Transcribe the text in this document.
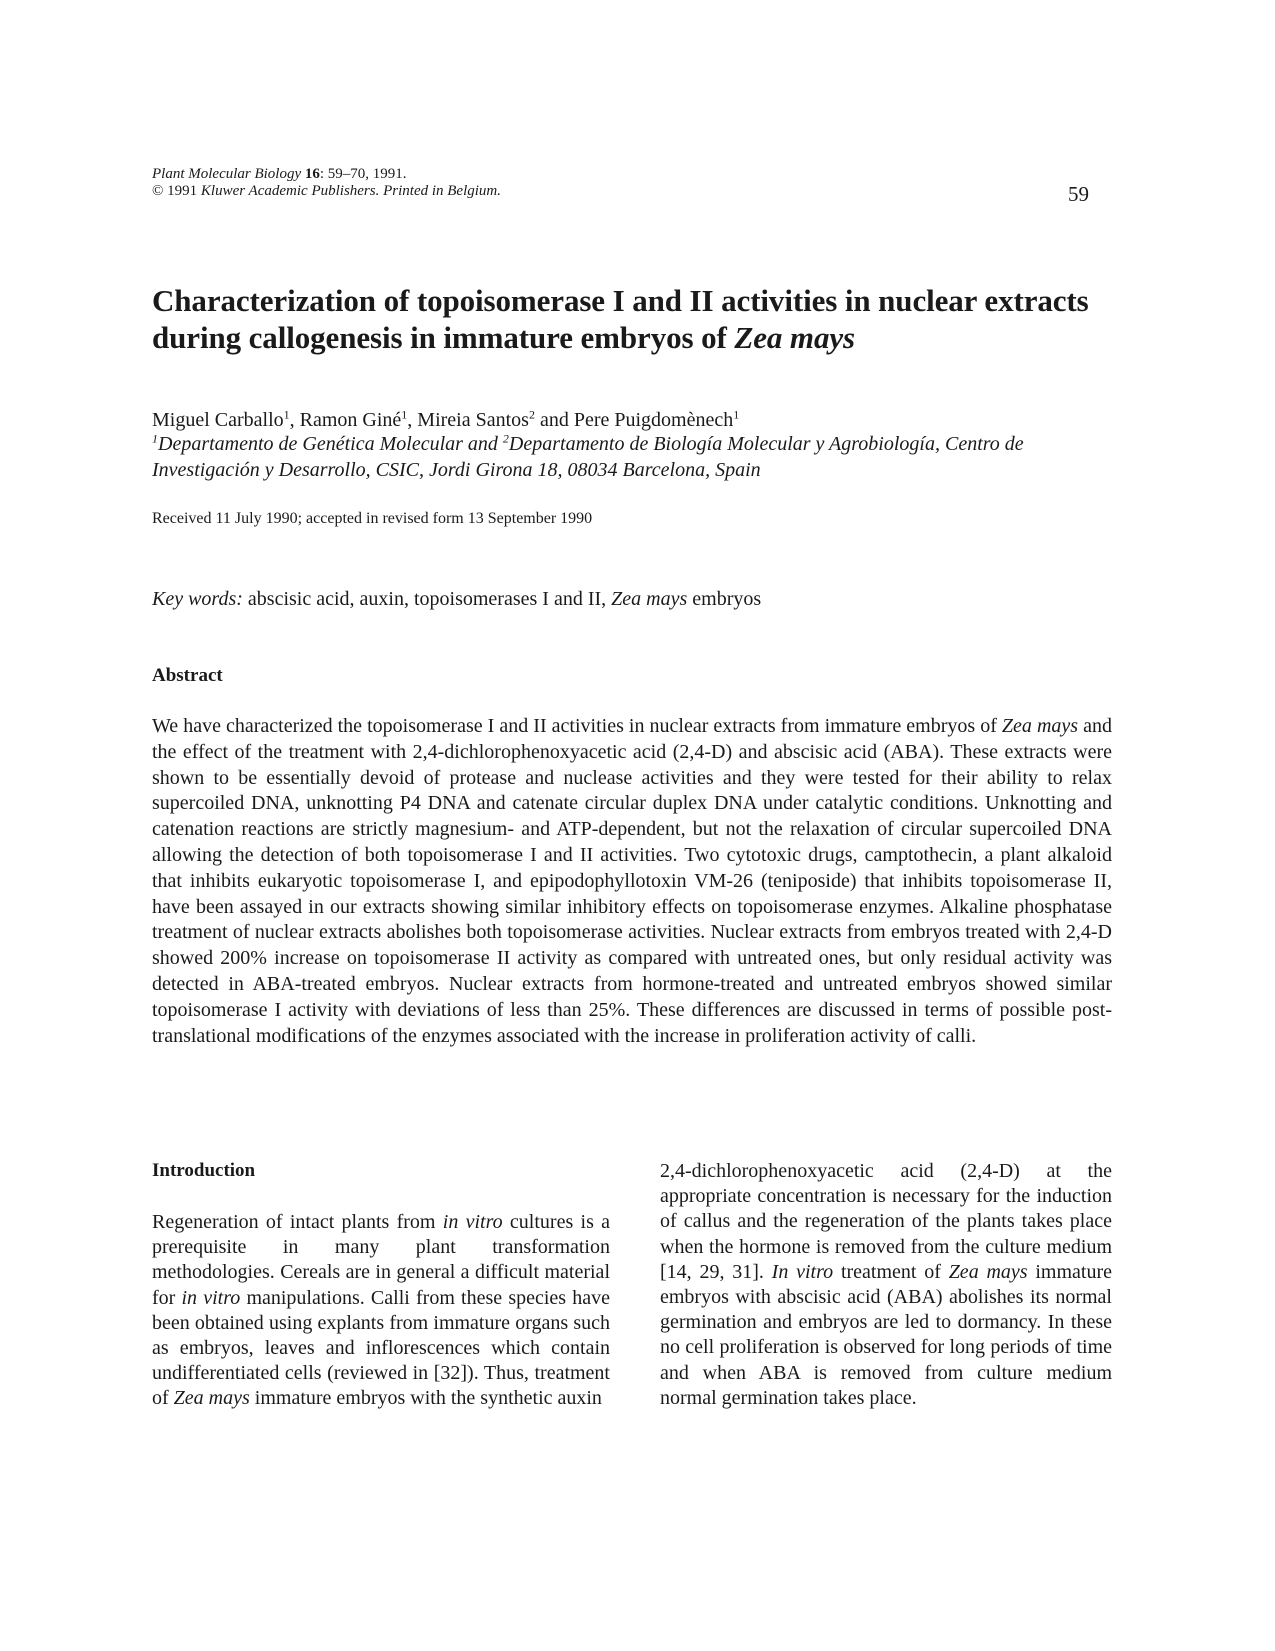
Plant Molecular Biology 16: 59–70, 1991.
© 1991 Kluwer Academic Publishers. Printed in Belgium.	59
Characterization of topoisomerase I and II activities in nuclear extracts during callogenesis in immature embryos of Zea mays
Miguel Carballo$^1$, Ramon Giné$^1$, Mireia Santos$^2$ and Pere Puigdomènech$^1$
$^1$Departamento de Genética Molecular and $^2$Departamento de Biología Molecular y Agrobiología, Centro de Investigación y Desarrollo, CSIC, Jordi Girona 18, 08034 Barcelona, Spain
Received 11 July 1990; accepted in revised form 13 September 1990
Key words: abscisic acid, auxin, topoisomerases I and II, Zea mays embryos
Abstract
We have characterized the topoisomerase I and II activities in nuclear extracts from immature embryos of Zea mays and the effect of the treatment with 2,4-dichlorophenoxyacetic acid (2,4-D) and abscisic acid (ABA). These extracts were shown to be essentially devoid of protease and nuclease activities and they were tested for their ability to relax supercoiled DNA, unknotting P4 DNA and catenate circular duplex DNA under catalytic conditions. Unknotting and catenation reactions are strictly magnesium- and ATP-dependent, but not the relaxation of circular supercoiled DNA allowing the detection of both topoisomerase I and II activities. Two cytotoxic drugs, camptothecin, a plant alkaloid that inhibits eukaryotic topoisomerase I, and epipodophyllotoxin VM-26 (teniposide) that inhibits topoisomerase II, have been assayed in our extracts showing similar inhibitory effects on topoisomerase enzymes. Alkaline phosphatase treatment of nuclear extracts abolishes both topoisomerase activities. Nuclear extracts from embryos treated with 2,4-D showed 200% increase on topoisomerase II activity as compared with untreated ones, but only residual activity was detected in ABA-treated embryos. Nuclear extracts from hormone-treated and untreated embryos showed similar topoisomerase I activity with deviations of less than 25%. These differences are discussed in terms of possible post-translational modifications of the enzymes associated with the increase in proliferation activity of calli.
Introduction
Regeneration of intact plants from in vitro cultures is a prerequisite in many plant transformation methodologies. Cereals are in general a difficult material for in vitro manipulations. Calli from these species have been obtained using explants from immature organs such as embryos, leaves and inflorescences which contain undifferentiated cells (reviewed in [32]). Thus, treatment of Zea mays immature embryos with the synthetic auxin
2,4-dichlorophenoxyacetic acid (2,4-D) at the appropriate concentration is necessary for the induction of callus and the regeneration of the plants takes place when the hormone is removed from the culture medium [14, 29, 31]. In vitro treatment of Zea mays immature embryos with abscisic acid (ABA) abolishes its normal germination and embryos are led to dormancy. In these no cell proliferation is observed for long periods of time and when ABA is removed from culture medium normal germination takes place.
